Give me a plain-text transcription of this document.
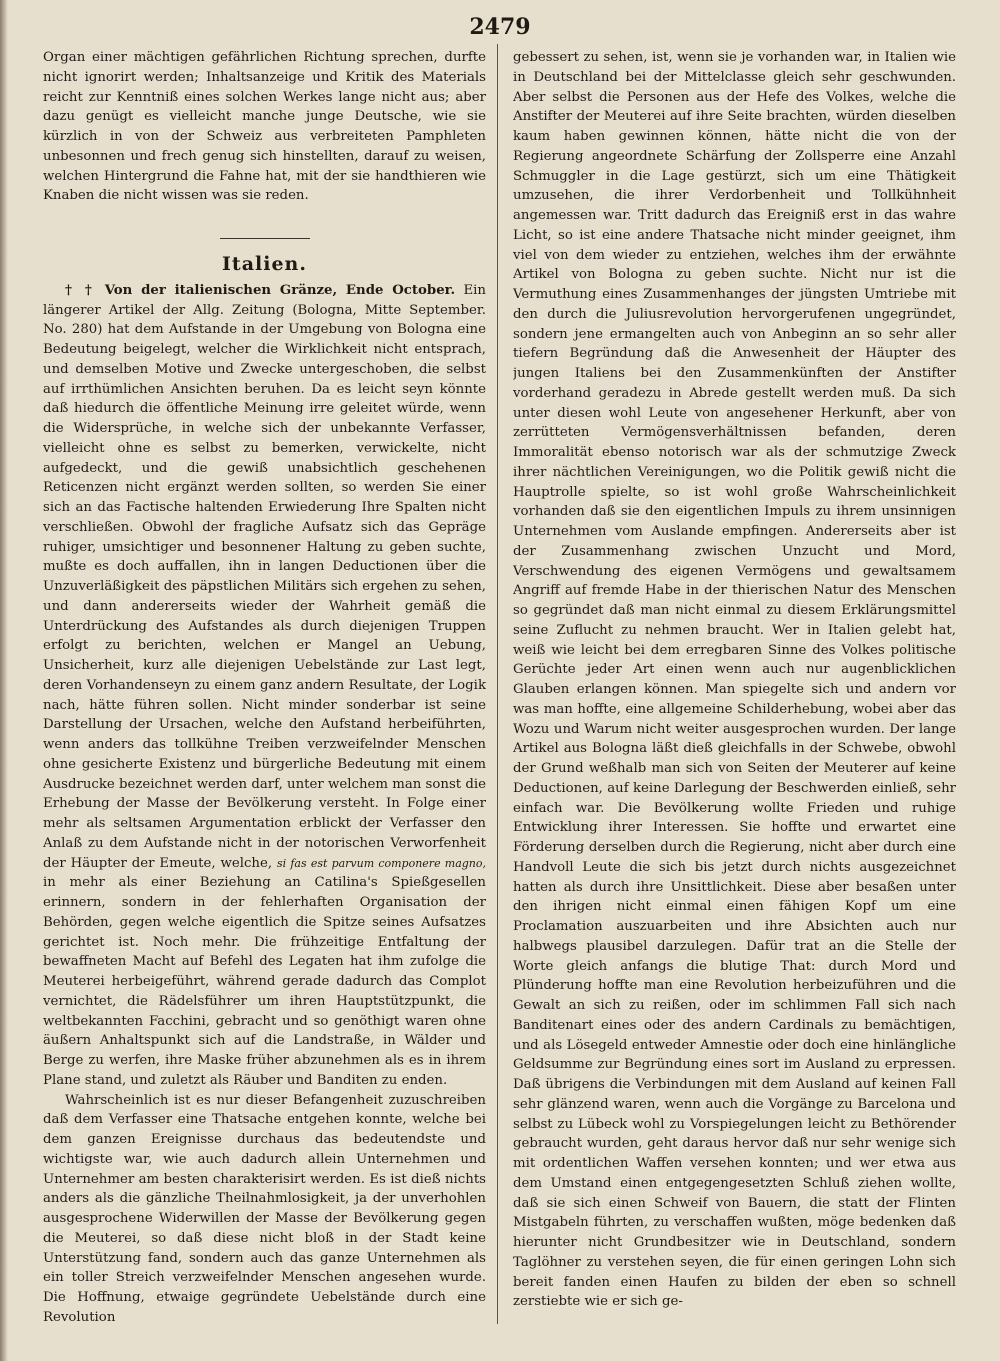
2479

Organ einer mächtigen gefährlichen Richtung sprechen, durfte nicht ignorirt werden; Inhaltsanzeige und Kritik des Materials reicht zur Kenntniß eines solchen Werkes lange nicht aus; aber dazu genügt es vielleicht manche junge Deutsche, wie sie kürzlich in von der Schweiz aus verbreiteten Pamphleten unbesonnen und frech genug sich hinstellten, darauf zu weisen, welchen Hintergrund die Fahne hat, mit der sie handthieren wie Knaben die nicht wissen was sie reden.

Italien.

† † Von der italienischen Gränze, Ende October. Ein längerer Artikel der Allg. Zeitung (Bologna, Mitte September. No. 280) hat dem Aufstande in der Umgebung von Bologna eine Bedeutung beigelegt, welcher die Wirklichkeit nicht entsprach, und demselben Motive und Zwecke untergeschoben, die selbst auf irrthümlichen Ansichten beruhen. Da es leicht seyn könnte daß hiedurch die öffentliche Meinung irre geleitet würde, wenn die Widersprüche, in welche sich der unbekannte Verfasser, vielleicht ohne es selbst zu bemerken, verwickelte, nicht aufgedeckt, und die gewiß unabsichtlich geschehenen Reticenzen nicht ergänzt werden sollten, so werden Sie einer sich an das Factische haltenden Erwiederung Ihre Spalten nicht verschließen. Obwohl der fragliche Aufsatz sich das Gepräge ruhiger, umsichtiger und besonnener Haltung zu geben suchte, mußte es doch auffallen, ihn in langen Deductionen über die Unzuverläßigkeit des päpstlichen Militärs sich ergehen zu sehen, und dann andererseits wieder der Wahrheit gemäß die Unterdrückung des Aufstandes als durch diejenigen Truppen erfolgt zu berichten, welchen er Mangel an Uebung, Unsicherheit, kurz alle diejenigen Uebelstände zur Last legt, deren Vorhandenseyn zu einem ganz andern Resultate, der Logik nach, hätte führen sollen. Nicht minder sonderbar ist seine Darstellung der Ursachen, welche den Aufstand herbeiführten, wenn anders das tollkühne Treiben verzweifelnder Menschen ohne gesicherte Existenz und bürgerliche Bedeutung mit einem Ausdrucke bezeichnet werden darf, unter welchem man sonst die Erhebung der Masse der Bevölkerung versteht. In Folge einer mehr als seltsamen Argumentation erblickt der Verfasser den Anlaß zu dem Aufstande nicht in der notorischen Verworfenheit der Häupter der Emeute, welche, si fas est parvum componere magno, in mehr als einer Beziehung an Catilina's Spießgesellen erinnern, sondern in der fehlerhaften Organisation der Behörden, gegen welche eigentlich die Spitze seines Aufsatzes gerichtet ist. Noch mehr. Die frühzeitige Entfaltung der bewaffneten Macht auf Befehl des Legaten hat ihm zufolge die Meuterei herbeigeführt, während gerade dadurch das Complot vernichtet, die Rädelsführer um ihren Hauptstützpunkt, die weltbekannten Facchini, gebracht und so genöthigt waren ohne äußern Anhaltspunkt sich auf die Landstraße, in Wälder und Berge zu werfen, ihre Maske früher abzunehmen als es in ihrem Plane stand, und zuletzt als Räuber und Banditen zu enden.

Wahrscheinlich ist es nur dieser Befangenheit zuzuschreiben daß dem Verfasser eine Thatsache entgehen konnte, welche bei dem ganzen Ereignisse durchaus das bedeutendste und wichtigste war, wie auch dadurch allein Unternehmen und Unternehmer am besten charakterisirt werden. Es ist dieß nichts anders als die gänzliche Theilnahmlosigkeit, ja der unverhohlen ausgesprochene Widerwillen der Masse der Bevölkerung gegen die Meuterei, so daß diese nicht bloß in der Stadt keine Unterstützung fand, sondern auch das ganze Unternehmen als ein toller Streich verzweifelnder Menschen angesehen wurde. Die Hoffnung, etwaige gegründete Uebelstände durch eine Revolution

gebessert zu sehen, ist, wenn sie je vorhanden war, in Italien wie in Deutschland bei der Mittelclasse gleich sehr geschwunden. Aber selbst die Personen aus der Hefe des Volkes, welche die Anstifter der Meuterei auf ihre Seite brachten, würden dieselben kaum haben gewinnen können, hätte nicht die von der Regierung angeordnete Schärfung der Zollsperre eine Anzahl Schmuggler in die Lage gestürzt, sich um eine Thätigkeit umzusehen, die ihrer Verdorbenheit und Tollkühnheit angemessen war. Tritt dadurch das Ereigniß erst in das wahre Licht, so ist eine andere Thatsache nicht minder geeignet, ihm viel von dem wieder zu entziehen, welches ihm der erwähnte Artikel von Bologna zu geben suchte. Nicht nur ist die Vermuthung eines Zusammenhanges der jüngsten Umtriebe mit den durch die Juliusrevolution hervorgerufenen ungegründet, sondern jene ermangelten auch von Anbeginn an so sehr aller tiefern Begründung daß die Anwesenheit der Häupter des jungen Italiens bei den Zusammenkünften der Anstifter vorderhand geradezu in Abrede gestellt werden muß. Da sich unter diesen wohl Leute von angesehener Herkunft, aber von zerrütteten Vermögensverhältnissen befanden, deren Immoralität ebenso notorisch war als der schmutzige Zweck ihrer nächtlichen Vereinigungen, wo die Politik gewiß nicht die Hauptrolle spielte, so ist wohl große Wahrscheinlichkeit vorhanden daß sie den eigentlichen Impuls zu ihrem unsinnigen Unternehmen vom Auslande empfingen. Andererseits aber ist der Zusammenhang zwischen Unzucht und Mord, Verschwendung des eigenen Vermögens und gewaltsamem Angriff auf fremde Habe in der thierischen Natur des Menschen so gegründet daß man nicht einmal zu diesem Erklärungsmittel seine Zuflucht zu nehmen braucht. Wer in Italien gelebt hat, weiß wie leicht bei dem erregbaren Sinne des Volkes politische Gerüchte jeder Art einen wenn auch nur augenblicklichen Glauben erlangen können. Man spiegelte sich und andern vor was man hoffte, eine allgemeine Schilderhebung, wobei aber das Wozu und Warum nicht weiter ausgesprochen wurden. Der lange Artikel aus Bologna läßt dieß gleichfalls in der Schwebe, obwohl der Grund weßhalb man sich von Seiten der Meuterer auf keine Deductionen, auf keine Darlegung der Beschwerden einließ, sehr einfach war. Die Bevölkerung wollte Frieden und ruhige Entwicklung ihrer Interessen. Sie hoffte und erwartet eine Förderung derselben durch die Regierung, nicht aber durch eine Handvoll Leute die sich bis jetzt durch nichts ausgezeichnet hatten als durch ihre Unsittlichkeit. Diese aber besaßen unter den ihrigen nicht einmal einen fähigen Kopf um eine Proclamation auszuarbeiten und ihre Absichten auch nur halbwegs plausibel darzulegen. Dafür trat an die Stelle der Worte gleich anfangs die blutige That: durch Mord und Plünderung hoffte man eine Revolution herbeizuführen und die Gewalt an sich zu reißen, oder im schlimmen Fall sich nach Banditenart eines oder des andern Cardinals zu bemächtigen, und als Lösegeld entweder Amnestie oder doch eine hinlängliche Geldsumme zur Begründung eines sort im Ausland zu erpressen. Daß übrigens die Verbindungen mit dem Ausland auf keinen Fall sehr glänzend waren, wenn auch die Vorgänge zu Barcelona und selbst zu Lübeck wohl zu Vorspiegelungen leicht zu Bethörender gebraucht wurden, geht daraus hervor daß nur sehr wenige sich mit ordentlichen Waffen versehen konnten; und wer etwa aus dem Umstand einen entgegengesetzten Schluß ziehen wollte, daß sie sich einen Schweif von Bauern, die statt der Flinten Mistgabeln führten, zu verschaffen wußten, möge bedenken daß hierunter nicht Grundbesitzer wie in Deutschland, sondern Taglöhner zu verstehen seyen, die für einen geringen Lohn sich bereit fanden einen Haufen zu bilden der eben so schnell zerstiebte wie er sich ge-
